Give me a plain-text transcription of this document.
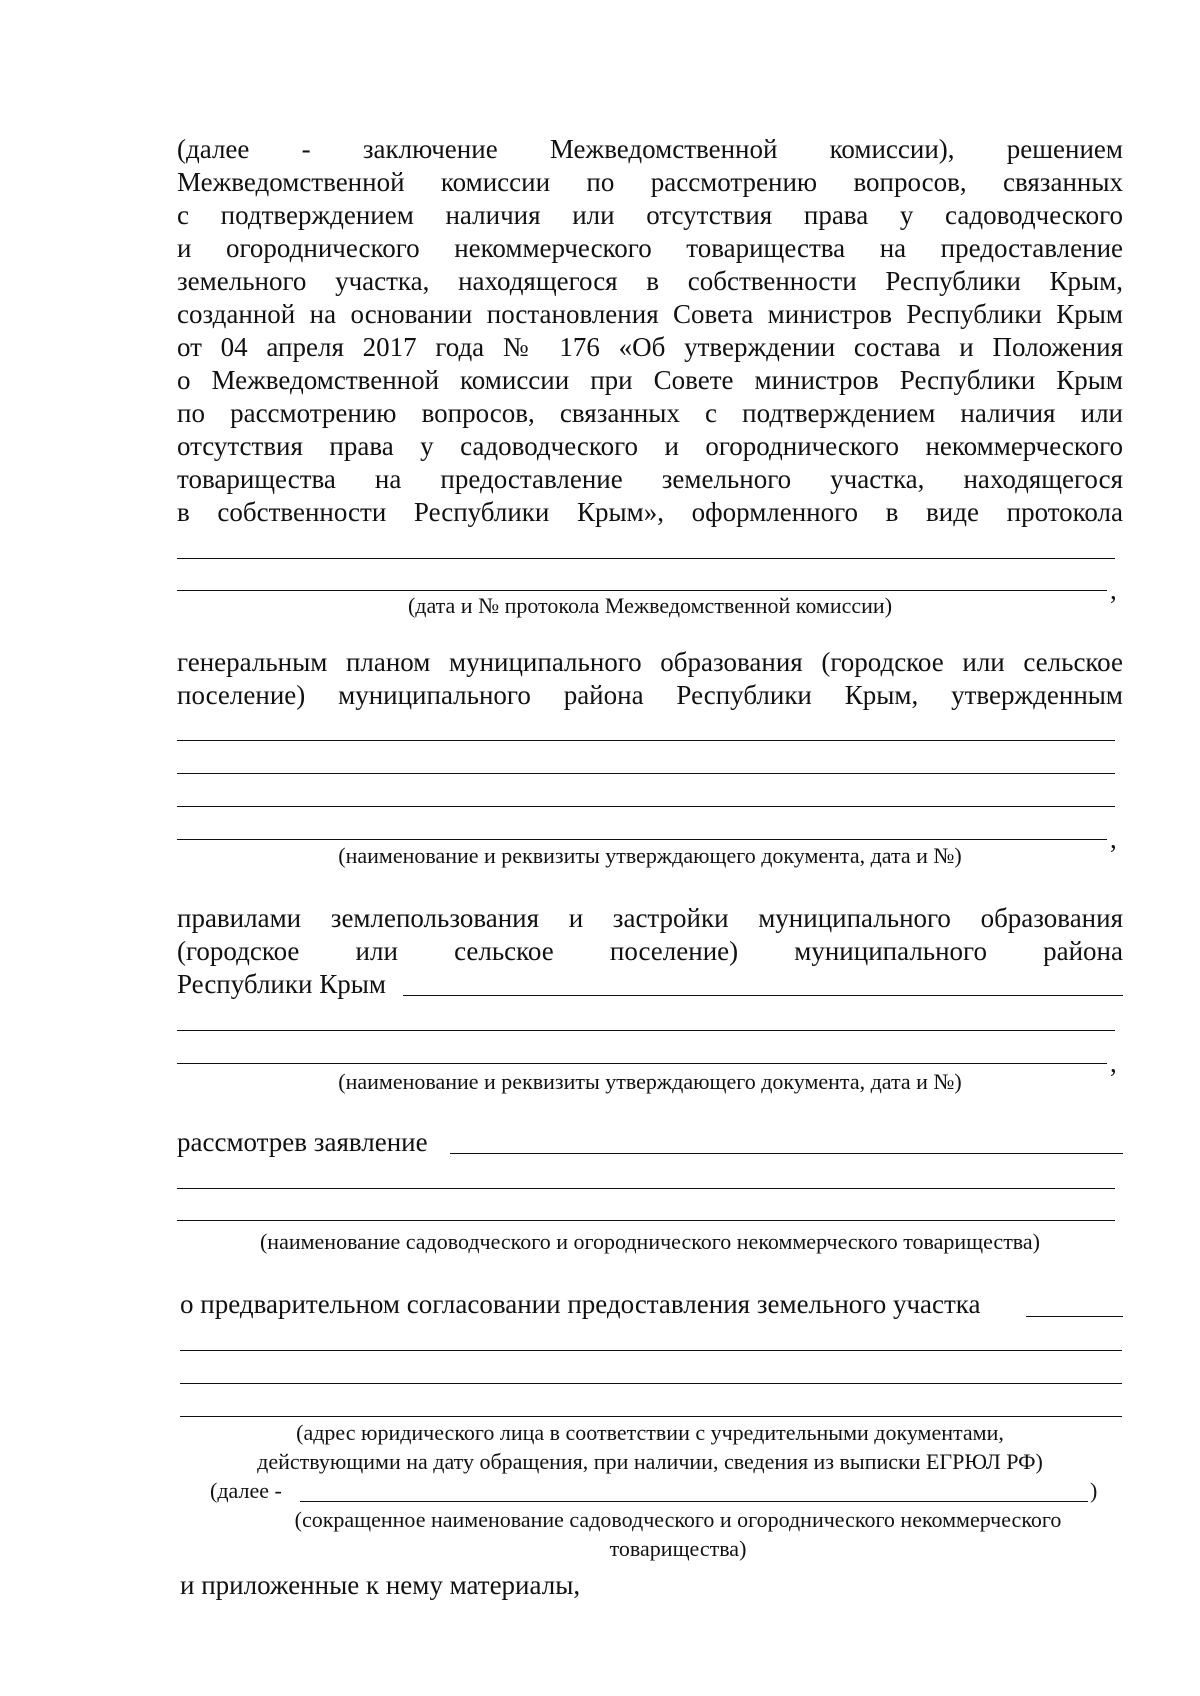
(далее - заключение Межведомственной комиссии), решением
Межведомственной комиссии по рассмотрению вопросов, связанных
с подтверждением наличия или отсутствия права у садоводческого
и огороднического некоммерческого товарищества на предоставление
земельного участка, находящегося в собственности Республики Крым,
созданной на основании постановления Совета министров Республики Крым
от 04 апреля 2017 года № 176 «Об утверждении состава и Положения
о Межведомственной комиссии при Совете министров Республики Крым
по рассмотрению вопросов, связанных с подтверждением наличия или
отсутствия права у садоводческого и огороднического некоммерческого
товарищества на предоставление земельного участка, находящегося
в собственности Республики Крым», оформленного в виде протокола
,
(дата и № протокола Межведомственной комиссии)
генеральным планом муниципального образования (городское или сельское
поселение) муниципального района Республики Крым, утвержденным
,
(наименование и реквизиты утверждающего документа, дата и №)
правилами землепользования и застройки муниципального образования
(городское или сельское поселение) муниципального района
Республики Крым
,
(наименование и реквизиты утверждающего документа, дата и №)
рассмотрев заявление
(наименование садоводческого и огороднического некоммерческого товарищества)
о предварительном согласовании предоставления земельного участка
(адрес юридического лица в соответствии с учредительными документами,
действующими на дату обращения, при наличии, сведения из выписки ЕГРЮЛ РФ)
(далее -	)
(сокращенное наименование садоводческого и огороднического некоммерческого
товарищества)
и приложенные к нему материалы,
